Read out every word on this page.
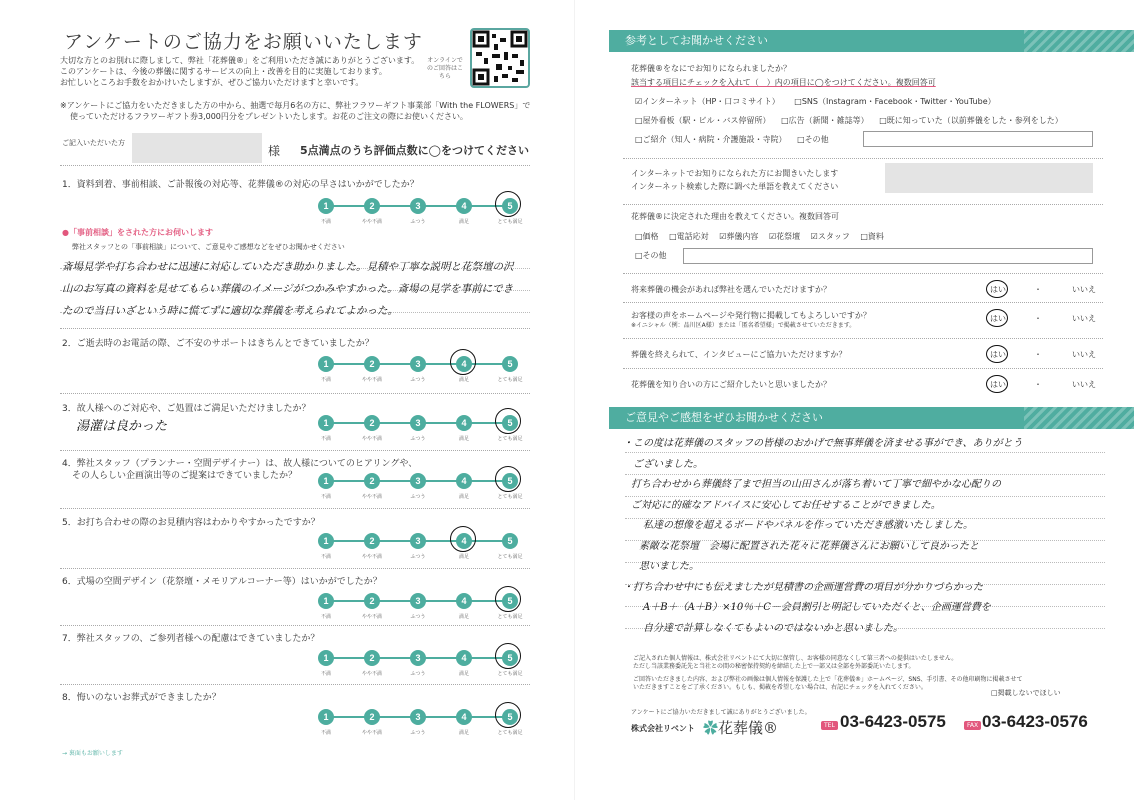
アンケートのご協力をお願いいたします
大切な方とのお別れに際しまして、弊社「花葬儀®」をご利用いただき誠にありがとうございます。
このアンケートは、今後の葬儀に関するサービスの向上・改善を目的に実施しております。
お忙しいところお手数をおかけいたしますが、ぜひご協力いただけますと幸いです。
オンラインでのご回答はこちら
※アンケートにご協力をいただきました方の中から、抽選で毎月6名の方に、弊社フラワーギフト事業部「With the FLOWERS」で
使っていただけるフラワーギフト券3,000円分をプレゼントいたします。お花のご注文の際にお使いください。
ご記入いただいた方
様 5点満点のうち評価点数に◯をつけてください
1．資料到着、事前相談、ご訃報後の対応等、花葬儀®の対応の早さはいかがでしたか？
1
不満
2
やや不満
3
ふつう
4
満足
5
とても満足
●「事前相談」をされた方にお伺いします
弊社スタッフとの「事前相談」について、ご意見やご感想などをぜひお聞かせください
斎場見学や打ち合わせに迅速に対応していただき助かりました。見積や丁寧な説明と花祭壇の沢
山のお写真の資料を見せてもらい葬儀のイメージがつかみやすかった。斎場の見学を事前にでき
たので当日いざという時に慌てずに適切な葬儀を考えられてよかった。
2．ご逝去時のお電話の際、ご不安のサポートはきちんとできていましたか？
1
不満
2
やや不満
3
ふつう
4
満足
5
とても満足
3．故人様へのご対応や、ご処置はご満足いただけましたか？
湯灌は良かった	1
不満
2
やや不満
3
ふつう
4
満足
5
とても満足
4．弊社スタッフ（プランナー・空間デザイナー）は、故人様についてのヒアリングや、
その人らしい企画演出等のご提案はできていましたか？	1
不満
2
やや不満
3
ふつう
4
満足
5
とても満足
5．お打ち合わせの際のお見積内容はわかりやすかったですか？
1
不満
2
やや不満
3
ふつう
4
満足
5
とても満足
6．式場の空間デザイン（花祭壇・メモリアルコーナー等）はいかがでしたか？
1
不満
2
やや不満
3
ふつう
4
満足
5
とても満足
7．弊社スタッフの、ご参列者様への配慮はできていましたか？
1
不満
2
やや不満
3
ふつう
4
満足
5
とても満足
8．悔いのないお葬式ができましたか？
1
不満
2
やや不満
3
ふつう
4
満足
5
とても満足
→ 裏面もお願いします
参考としてお聞かせください
花葬儀®をなにでお知りになられましたか？
該当する項目にチェックを入れて（　）内の項目に◯をつけてください。複数回答可
☑インターネット（HP・口コミサイト） □SNS（Instagram・Facebook・Twitter・YouTube）
□屋外看板（駅・ビル・バス停留所） □広告（新聞・雑誌等） □既に知っていた（以前葬儀をした・参列をした）
□ご紹介（知人・病院・介護施設・寺院） □その他
インターネットでお知りになられた方にお聞きいたします
インターネット検索した際に調べた単語を教えてください
花葬儀®に決定された理由を教えてください。複数回答可
□価格 □電話応対 ☑葬儀内容 ☑花祭壇 ☑スタッフ □資料
□その他
将来葬儀の機会があれば弊社を選んでいただけますか？	はい	・	いいえ
お客様の声をホームページや発行物に掲載してもよろしいですか？
※イニシャル（例：品川区A様）または「匿名希望様」で掲載させていただきます。
はい	・	いいえ
葬儀を終えられて、インタビューにご協力いただけますか？	はい	・	いいえ
花葬儀を知り合いの方にご紹介したいと思いましたか？	はい	・	いいえ
ご意見やご感想をぜひお聞かせください
・この度は花葬儀のスタッフの皆様のおかげで無事葬儀を済ませる事ができ、ありがとう
ございました。
打ち合わせから葬儀終了まで担当の山田さんが落ち着いて丁寧で細やかな心配りの
ご対応に的確なアドバイスに安心してお任せすることができました。
私達の想像を超えるボードやパネルを作っていただき感激いたしました。
素敵な花祭壇　会場に配置された花々に花葬儀さんにお願いして良かったと
思いました。
・打ち合わせ中にも伝えましたが見積書の企画運営費の項目が分かりづらかった
A＋B＋（A＋B）×10％＋C－会員割引と明記していただくと、企画運営費を
自分達で計算しなくてもよいのではないかと思いました。
ご記入された個人情報は、株式会社リベントにて大切に保管し、お客様の同意なくして第三者への提供はいたしません。
ただし当該業務委託先と当社との間の秘密保持契約を締結した上で一部又は全部を外部委託いたします。
ご回答いただきました内容、および弊社の画像は個人情報を保護した上で「花葬儀®」ホームページ、SNS、手引書、その他印刷物に掲載させて
いただきますことをご了承ください。もしも、掲載を希望しない場合は、右記にチェックを入れてください。
□掲載しないでほしい
アンケートにご協力いただきまして誠にありがとうございました。
株式会社リベント ✿花葬儀®	TEL 03-6423-0575	FAX 03-6423-0576
